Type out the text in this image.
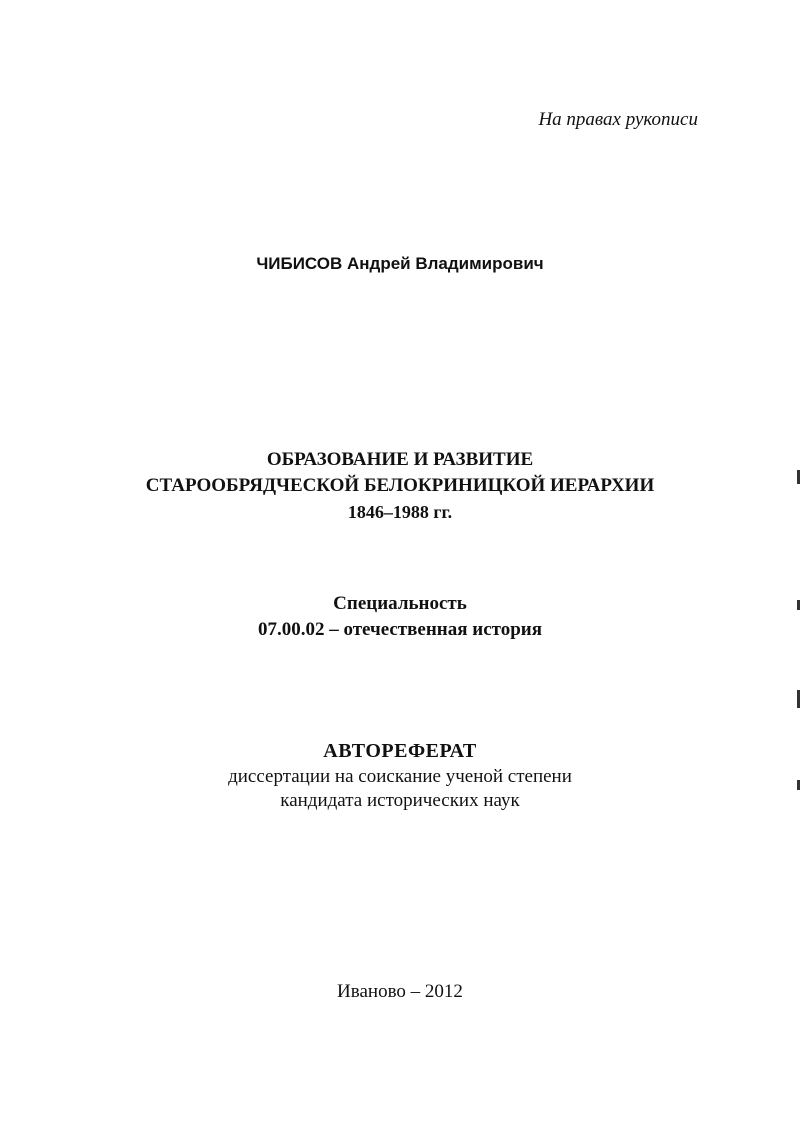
На правах рукописи
ЧИБИСОВ Андрей Владимирович
ОБРАЗОВАНИЕ И РАЗВИТИЕ
СТАРООБРЯДЧЕСКОЙ БЕЛОКРИНИЦКОЙ ИЕРАРХИИ
1846–1988 гг.
Специальность
07.00.02 – отечественная история
АВТОРЕФЕРАТ
диссертации на соискание ученой степени
кандидата исторических наук
Иваново – 2012
